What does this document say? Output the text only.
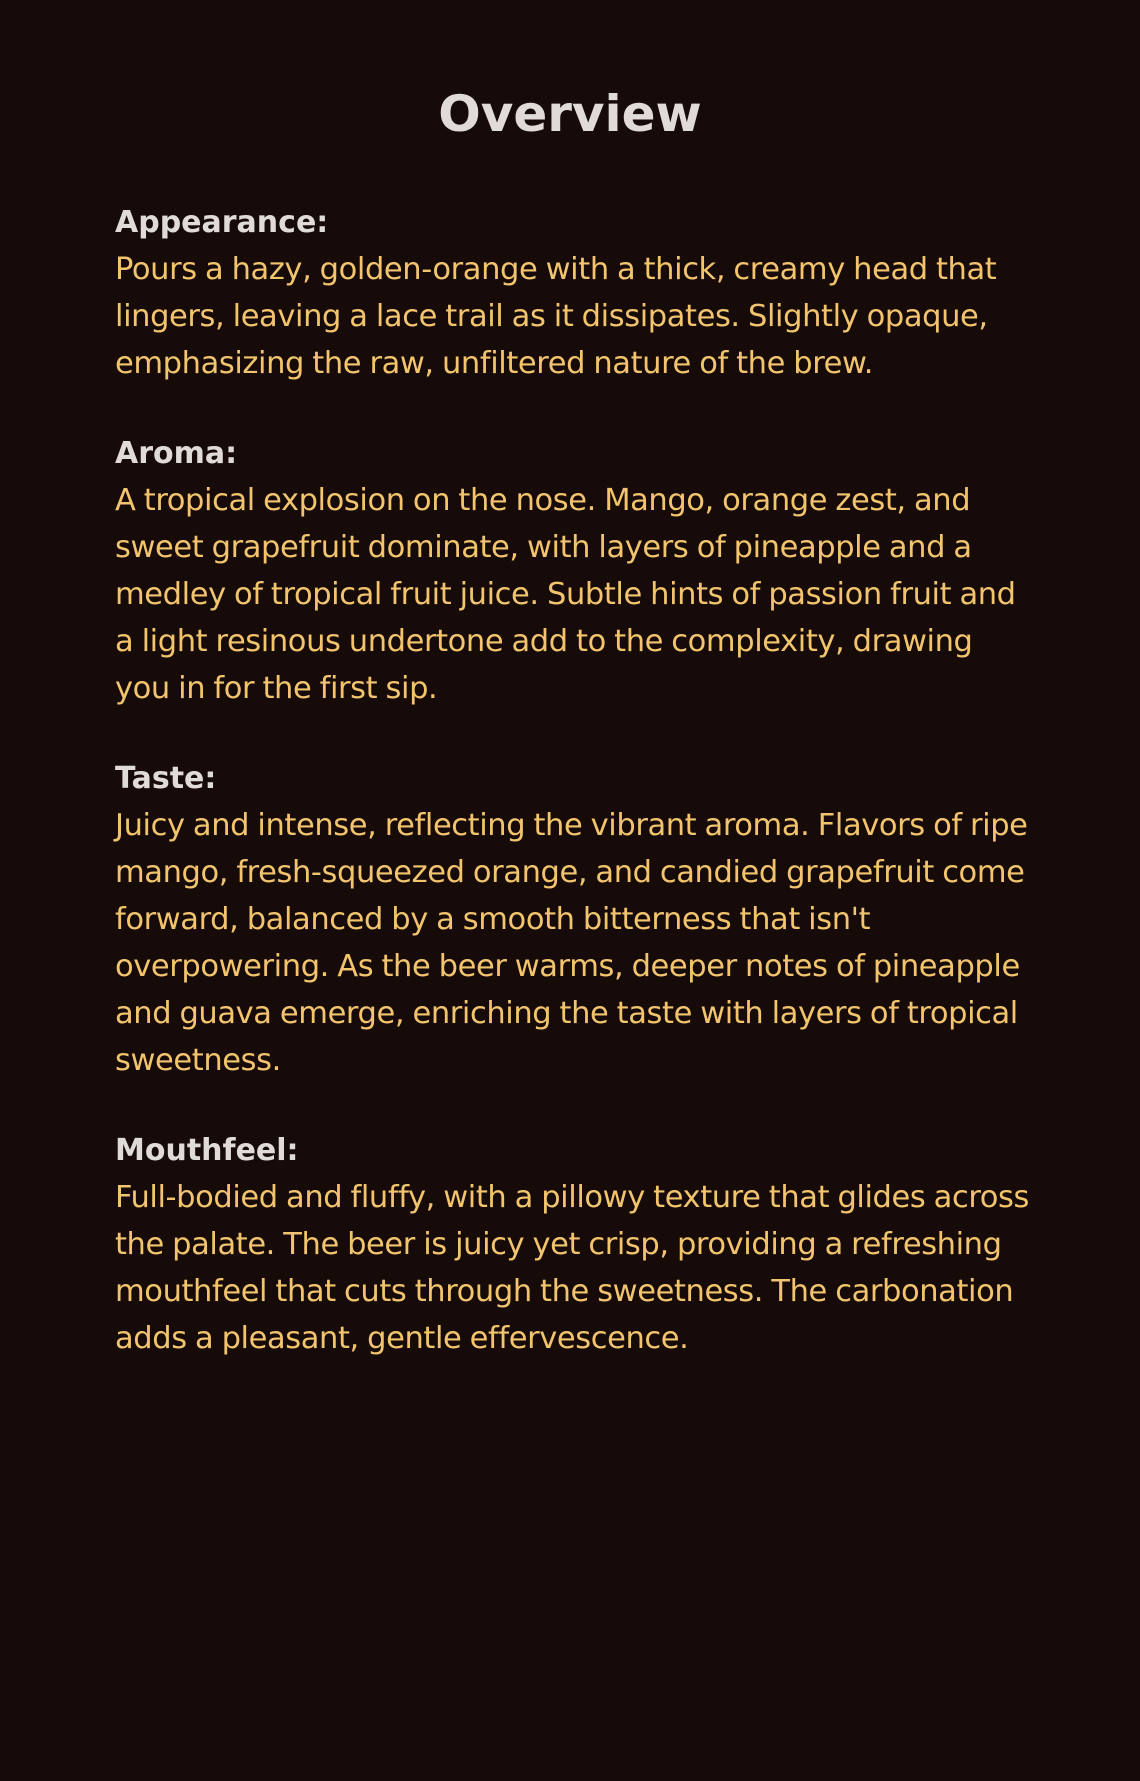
Overview

Appearance:

Pours a hazy, golden-orange with a thick, creamy head that lingers, leaving a lace trail as it dissipates. Slightly opaque, emphasizing the raw, unfiltered nature of the brew.

Aroma:

A tropical explosion on the nose. Mango, orange zest, and sweet grapefruit dominate, with layers of pineapple and a medley of tropical fruit juice. Subtle hints of passion fruit and a light resinous undertone add to the complexity, drawing you in for the first sip.

Taste:

Juicy and intense, reflecting the vibrant aroma. Flavors of ripe mango, fresh-squeezed orange, and candied grapefruit come forward, balanced by a smooth bitterness that isn't overpowering. As the beer warms, deeper notes of pineapple and guava emerge, enriching the taste with layers of tropical sweetness.

Mouthfeel:

Full-bodied and fluffy, with a pillowy texture that glides across the palate. The beer is juicy yet crisp, providing a refreshing mouthfeel that cuts through the sweetness. The carbonation adds a pleasant, gentle effervescence.
